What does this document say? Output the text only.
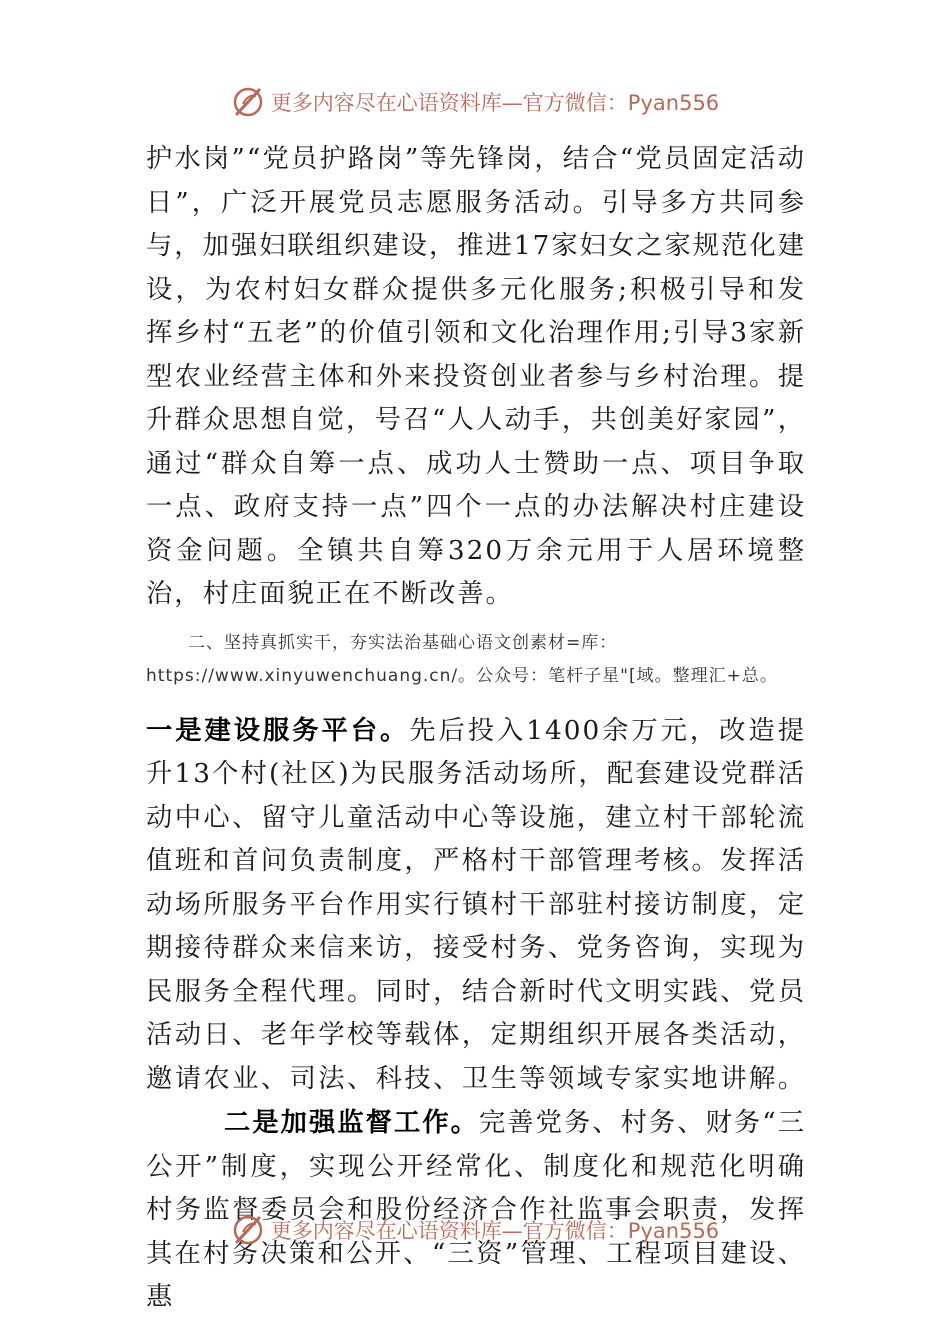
更多内容尽在心语资料库—官方微信：Pyan556

护水岗”“党员护路岗”等先锋岗，结合“党员固定活动日”，广泛开展党员志愿服务活动。引导多方共同参与，加强妇联组织建设，推进17家妇女之家规范化建设，为农村妇女群众提供多元化服务;积极引导和发挥乡村“五老”的价值引领和文化治理作用;引导3家新型农业经营主体和外来投资创业者参与乡村治理。提升群众思想自觉，号召“人人动手，共创美好家园”，通过“群众自筹一点、成功人士赞助一点、项目争取一点、政府支持一点”四个一点的办法解决村庄建设资金问题。全镇共自筹320万余元用于人居环境整治，村庄面貌正在不断改善。

二、坚持真抓实干，夯实法治基础心语文创素材=库：https://www.xinyuwenchuang.cn/。公众号：笔杆子星"[域。整理汇+总。

一是建设服务平台。先后投入1400余万元，改造提升13个村(社区)为民服务活动场所，配套建设党群活动中心、留守儿童活动中心等设施，建立村干部轮流值班和首问负责制度，严格村干部管理考核。发挥活动场所服务平台作用实行镇村干部驻村接访制度，定期接待群众来信来访，接受村务、党务咨询，实现为民服务全程代理。同时，结合新时代文明实践、党员活动日、老年学校等载体，定期组织开展各类活动，邀请农业、司法、科技、卫生等领域专家实地讲解。二是加强监督工作。完善党务、村务、财务“三公开”制度，实现公开经常化、制度化和规范化明确村务监督委员会和股份经济合作社监事会职责，发挥其在村务决策和公开、“三资”管理、工程项目建设、惠

更多内容尽在心语资料库—官方微信：Pyan556
